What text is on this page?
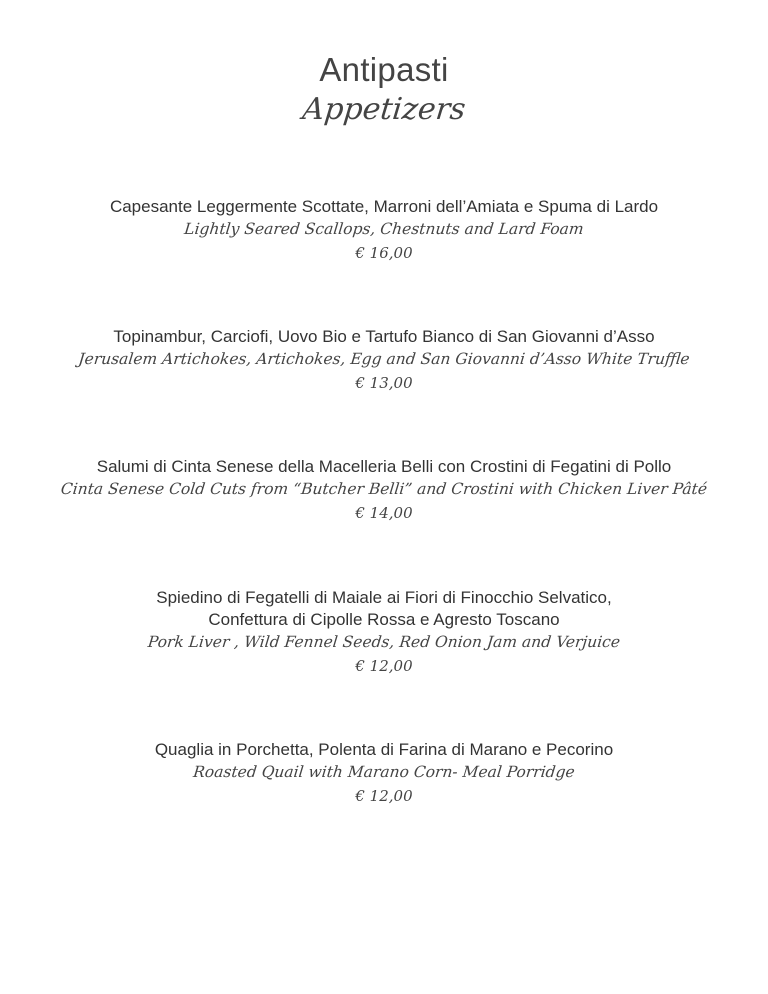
Antipasti
Appetizers
Capesante Leggermente Scottate, Marroni dell’Amiata e Spuma di Lardo
Lightly Seared Scallops, Chestnuts and Lard Foam
€ 16,00
Topinambur, Carciofi, Uovo Bio e Tartufo Bianco di San Giovanni d’Asso
Jerusalem Artichokes, Artichokes, Egg and San Giovanni d’Asso White Truffle
€ 13,00
Salumi di Cinta Senese della Macelleria Belli con Crostini di Fegatini di Pollo
Cinta Senese Cold Cuts from “Butcher Belli” and Crostini with Chicken Liver Pâté
€ 14,00
Spiedino di Fegatelli di Maiale ai Fiori di Finocchio Selvatico,
Confettura di Cipolle Rossa e Agresto Toscano
Pork Liver , Wild Fennel Seeds, Red Onion Jam and Verjuice
€ 12,00
Quaglia in Porchetta, Polenta di Farina di Marano e Pecorino
Roasted Quail with Marano Corn- Meal Porridge
€ 12,00
